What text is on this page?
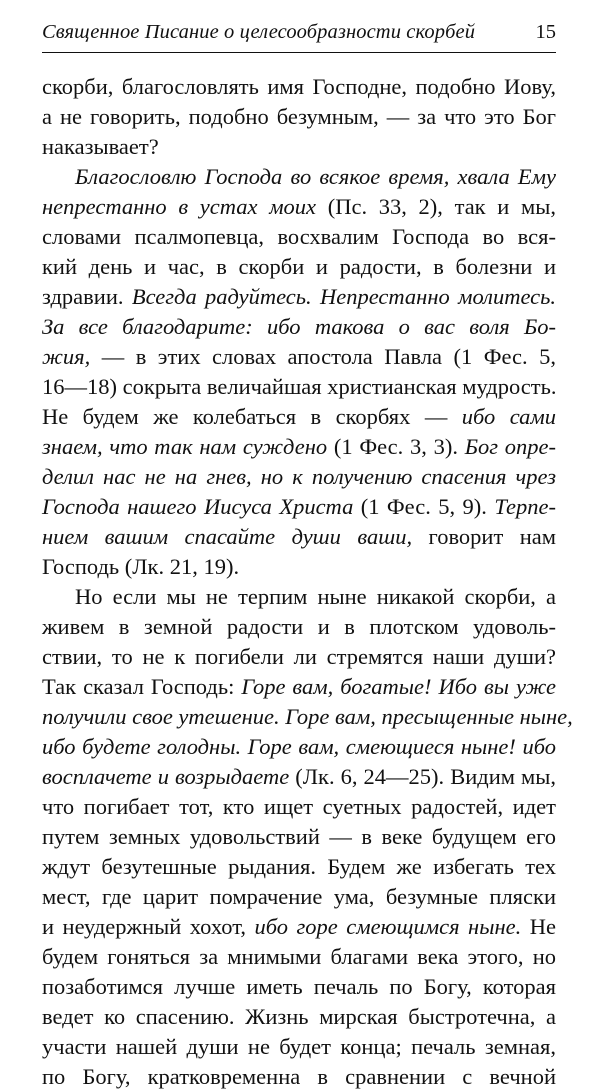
Священное Писание о целесообразности скорбей	15
скорби, благословлять имя Господне, подобно Иову,
а не говорить, подобно безумным, — за что это Бог
наказывает?
Благословлю Господа во всякое время, хвала Ему
непрестанно в устах моих (Пс. 33, 2), так и мы,
словами псалмопевца, восхвалим Господа во вся-
кий день и час, в скорби и радости, в болезни и
здравии. Всегда радуйтесь. Непрестанно молитесь.
За все благодарите: ибо такова о вас воля Бо-
жия, — в этих словах апостола Павла (1 Фес. 5,
16—18) сокрыта величайшая христианская мудрость.
Не будем же колебаться в скорбях — ибо сами
знаем, что так нам суждено (1 Фес. 3, 3). Бог опре-
делил нас не на гнев, но к получению спасения чрез
Господа нашего Иисуса Христа (1 Фес. 5, 9). Терпе-
нием вашим спасайте души ваши, говорит нам
Господь (Лк. 21, 19).
Но если мы не терпим ныне никакой скорби, а
живем в земной радости и в плотском удоволь-
ствии, то не к погибели ли стремятся наши души?
Так сказал Господь: Горе вам, богатые! Ибо вы уже
получили свое утешение. Горе вам, пресыщенные ныне,
ибо будете голодны. Горе вам, смеющиеся ныне! ибо
восплачете и возрыдаете (Лк. 6, 24—25). Видим мы,
что погибает тот, кто ищет суетных радостей, идет
путем земных удовольствий — в веке будущем его
ждут безутешные рыдания. Будем же избегать тех
мест, где царит помрачение ума, безумные пляски
и неудержный хохот, ибо горе смеющимся ныне. Не
будем гоняться за мнимыми благами века этого, но
позаботимся лучше иметь печаль по Богу, которая
ведет ко спасению. Жизнь мирская быстротечна, а
участи нашей души не будет конца; печаль земная,
по Богу, кратковременна в сравнении с вечной
